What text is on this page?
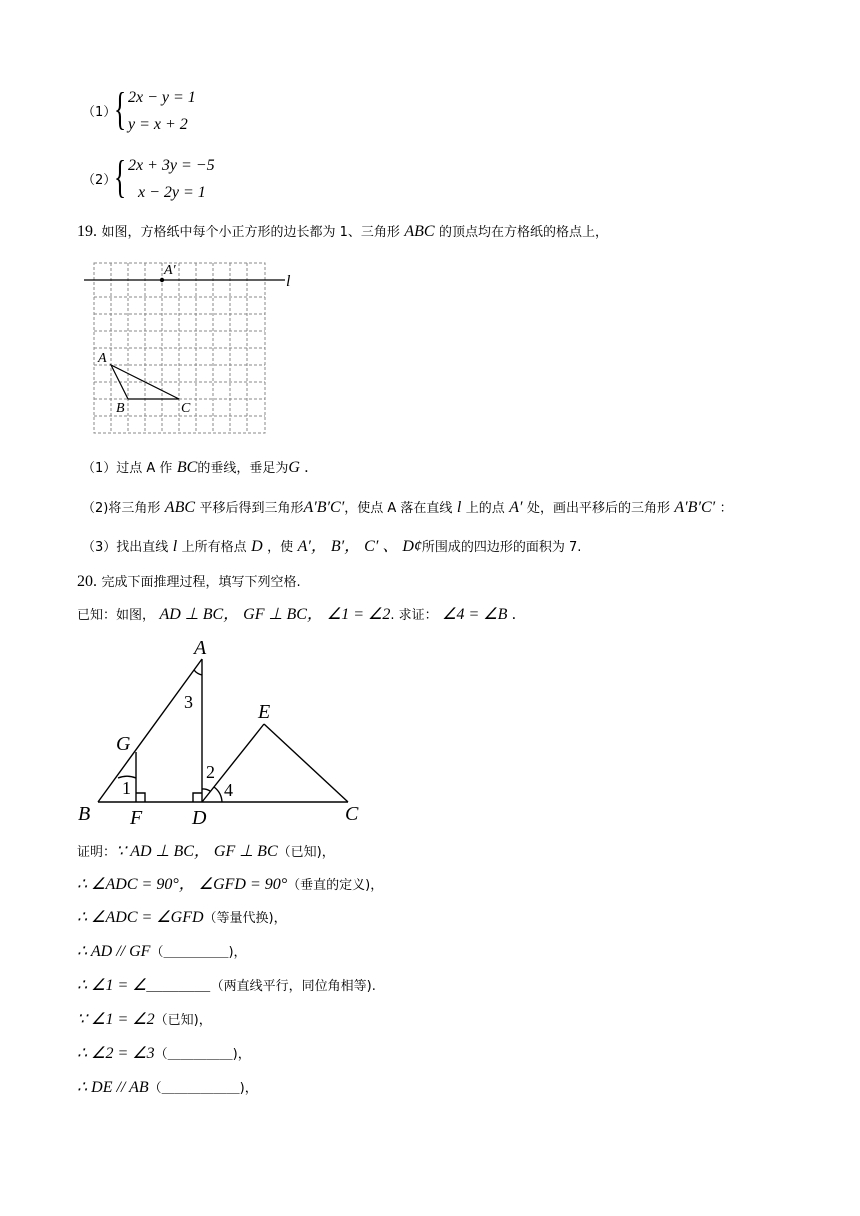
（1）
{ 2x − y = 1
y = x + 2
（2）
{ 2x + 3y = −5
x − 2y = 1
19. 如图，方格纸中每个小正方形的边长都为 1、三角形 ABC 的顶点均在方格纸的格点上，
A′
l
A
B	C
（1）过点 A 作 BC的垂线，垂足为G .
（2)将三角形 ABC 平移后得到三角形A′B′C′，使点 A 落在直线 l 上的点 A′ 处，画出平移后的三角形 A′B′C′ ：
（3）找出直线 l 上所有格点 D ，使 A′， B′， C′ 、 D¢所围成的四边形的面积为 7.
20. 完成下面推理过程，填写下列空格.
已知：如图， AD ⊥ BC， GF ⊥ BC， ∠1 = ∠2. 求证： ∠4 = ∠B .
A
G
E
B F D	C
1
3
2
4
证明：∵ AD ⊥ BC， GF ⊥ BC（已知)，
∴ ∠ADC = 90°， ∠GFD = 90°（垂直的定义)，
∴ ∠ADC = ∠GFD（等量代换)，
∴ AD // GF（＿＿＿＿＿)，
∴ ∠1 = ∠＿＿＿＿（两直线平行，同位角相等).
∵ ∠1 = ∠2（已知)，
∴ ∠2 = ∠3（＿＿＿＿＿)，
∴ DE // AB（＿＿＿＿＿＿)，
